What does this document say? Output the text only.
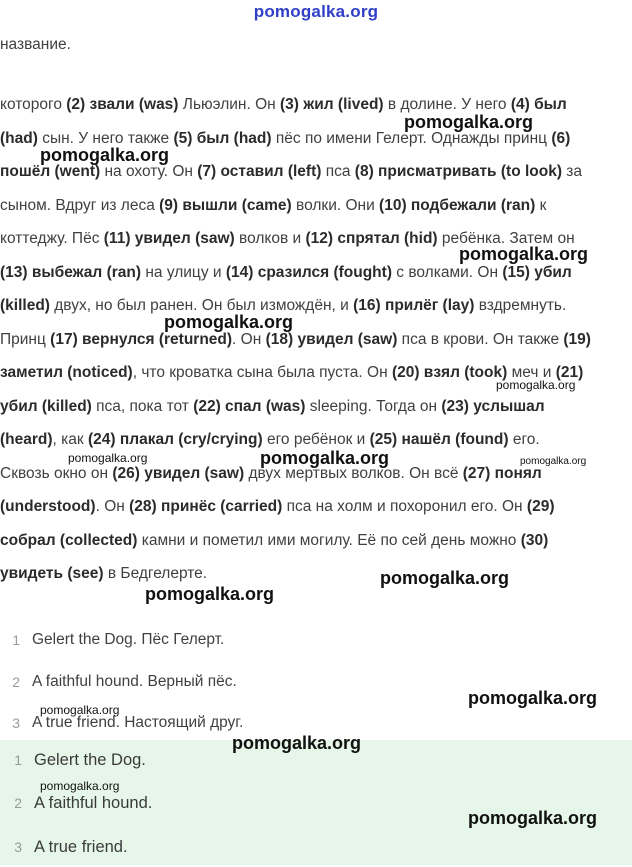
pomogalka.org
название.
которого (2) звали (was) Льюэлин. Он (3) жил (lived) в долине. У него (4) был
(had) сын. У него также (5) был (had) пёс по имени Гелерт. Однажды принц (6)
пошёл (went) на охоту. Он (7) оставил (left) пса (8) присматривать (to look) за
сыном. Вдруг из леса (9) вышли (came) волки. Они (10) подбежали (ran) к
коттеджу. Пёс (11) увидел (saw) волков и (12) спрятал (hid) ребёнка. Затем он
(13) выбежал (ran) на улицу и (14) сразился (fought) с волками. Он (15) убил
(killed) двух, но был ранен. Он был измождён, и (16) прилёг (lay) вздремнуть.
Принц (17) вернулся (returned). Он (18) увидел (saw) пса в крови. Он также (19)
заметил (noticed), что кроватка сына была пуста. Он (20) взял (took) меч и (21)
убил (killed) пса, пока тот (22) спал (was) sleeping. Тогда он (23) услышал
(heard), как (24) плакал (cry/crying) его ребёнок и (25) нашёл (found) его.
Сквозь окно он (26) увидел (saw) двух мертвых волков. Он всё (27) понял
(understood). Он (28) принёс (carried) пса на холм и похоронил его. Он (29)
собрал (collected) камни и пометил ими могилу. Её по сей день можно (30)
увидеть (see) в Бедгелерте.
pomogalka.org
pomogalka.org
pomogalka.org
pomogalka.org
pomogalka.org
pomogalka.org	pomogalka.org	pomogalka.org
pomogalka.org
pomogalka.org
1 Gelert the Dog. Пёс Гелерт.
2 A faithful hound. Верный пёс.
3 A true friend. Настоящий друг.
pomogalka.org
pomogalka.org
1 Gelert the Dog.
2 A faithful hound.
3 A true friend.
pomogalka.org
pomogalka.org
pomogalka.org
